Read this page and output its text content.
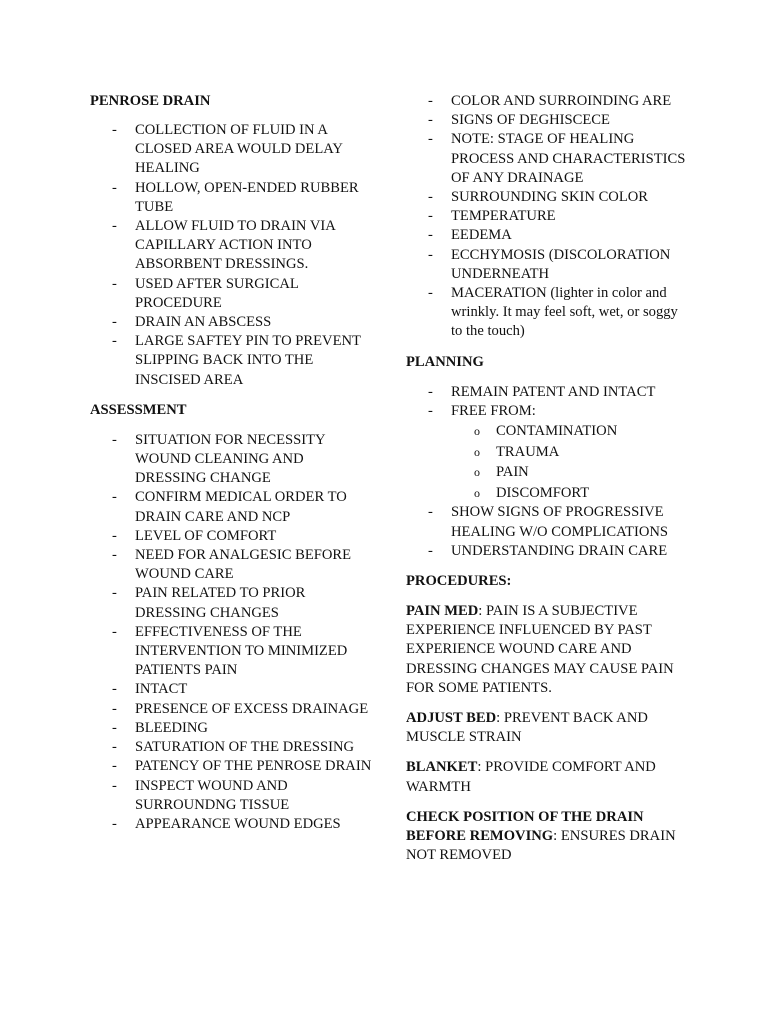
PENROSE DRAIN

- COLLECTION OF FLUID IN A CLOSED AREA WOULD DELAY HEALING
- HOLLOW, OPEN-ENDED RUBBER TUBE
- ALLOW FLUID TO DRAIN VIA CAPILLARY ACTION INTO ABSORBENT DRESSINGS.
- USED AFTER SURGICAL PROCEDURE
- DRAIN AN ABSCESS
- LARGE SAFTEY PIN TO PREVENT SLIPPING BACK INTO THE INSCISED AREA

ASSESSMENT

- SITUATION FOR NECESSITY WOUND CLEANING AND DRESSING CHANGE
- CONFIRM MEDICAL ORDER TO DRAIN CARE AND NCP
- LEVEL OF COMFORT
- NEED FOR ANALGESIC BEFORE WOUND CARE
- PAIN RELATED TO PRIOR DRESSING CHANGES
- EFFECTIVENESS OF THE INTERVENTION TO MINIMIZED PATIENTS PAIN
- INTACT
- PRESENCE OF EXCESS DRAINAGE
- BLEEDING
- SATURATION OF THE DRESSING
- PATENCY OF THE PENROSE DRAIN
- INSPECT WOUND AND SURROUNDNG TISSUE
- APPEARANCE WOUND EDGES
- COLOR AND SURROINDING ARE
- SIGNS OF DEGHISCECE
- NOTE: STAGE OF HEALING PROCESS AND CHARACTERISTICS OF ANY DRAINAGE
- SURROUNDING SKIN COLOR
- TEMPERATURE
- EEDEMA
- ECCHYMOSIS (DISCOLORATION UNDERNEATH
- MACERATION (lighter in color and wrinkly. It may feel soft, wet, or soggy to the touch)

PLANNING

- REMAIN PATENT AND INTACT
- FREE FROM:
o CONTAMINATION
o TRAUMA
o PAIN
o DISCOMFORT
- SHOW SIGNS OF PROGRESSIVE HEALING W/O COMPLICATIONS
- UNDERSTANDING DRAIN CARE

PROCEDURES:

PAIN MED: PAIN IS A SUBJECTIVE EXPERIENCE INFLUENCED BY PAST EXPERIENCE WOUND CARE AND DRESSING CHANGES MAY CAUSE PAIN FOR SOME PATIENTS.

ADJUST BED: PREVENT BACK AND MUSCLE STRAIN

BLANKET: PROVIDE COMFORT AND WARMTH

CHECK POSITION OF THE DRAIN BEFORE REMOVING: ENSURES DRAIN NOT REMOVED
